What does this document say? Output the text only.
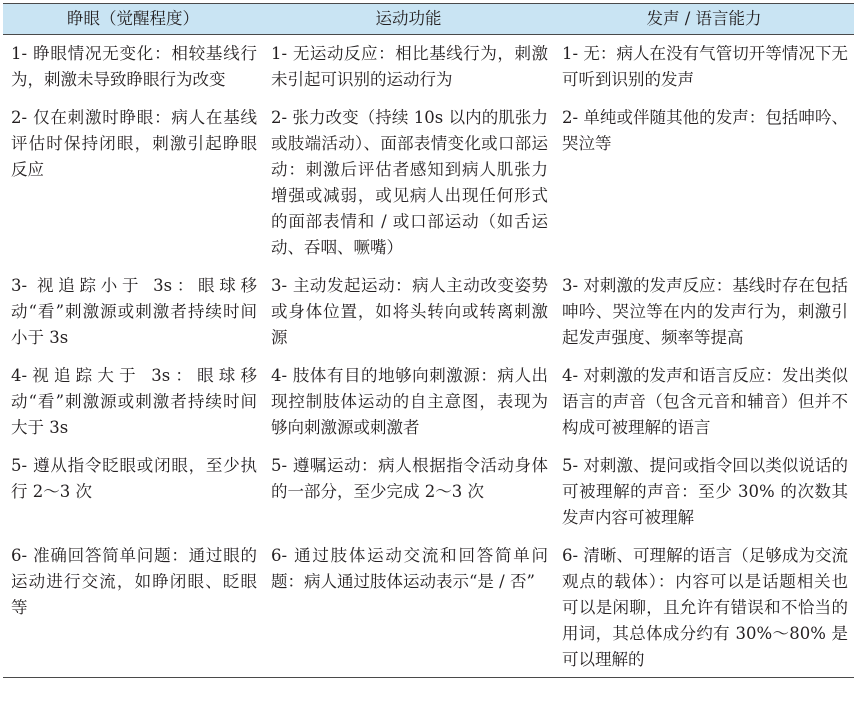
睁眼（觉醒程度）	运动功能	发声 / 语言能力
1- 睁眼情况无变化：相较基线行为，刺激未导致睁眼行为改变	1- 无运动反应：相比基线行为，刺激未引起可识别的运动行为	1- 无：病人在没有气管切开等情况下无可听到识别的发声
2- 仅在刺激时睁眼：病人在基线评估时保持闭眼，刺激引起睁眼反应	2- 张力改变（持续 10s 以内的肌张力或肢端活动）、面部表情变化或口部运动：刺激后评估者感知到病人肌张力增强或减弱，或见病人出现任何形式的面部表情和 / 或口部运动（如舌运动、吞咽、噘嘴）	2- 单纯或伴随其他的发声：包括呻吟、哭泣等
3- 视追踪小于 3s：眼球移动“看”刺激源或刺激者持续时间小于 3s	3- 主动发起运动：病人主动改变姿势或身体位置，如将头转向或转离刺激源	3- 对刺激的发声反应：基线时存在包括呻吟、哭泣等在内的发声行为，刺激引起发声强度、频率等提高
4-视追踪大于 3s：眼球移动“看”刺激源或刺激者持续时间大于 3s	4- 肢体有目的地够向刺激源：病人出现控制肢体运动的自主意图，表现为够向刺激源或刺激者	4- 对刺激的发声和语言反应：发出类似语言的声音（包含元音和辅音）但并不构成可被理解的语言
5- 遵从指令眨眼或闭眼，至少执行 2～3 次	5- 遵嘱运动：病人根据指令活动身体的一部分，至少完成 2～3 次	5- 对刺激、提问或指令回以类似说话的可被理解的声音：至少 30% 的次数其发声内容可被理解
6- 准确回答简单问题：通过眼的运动进行交流，如睁闭眼、眨眼等	6- 通过肢体运动交流和回答简单问题：病人通过肢体运动表示“是 / 否”	6- 清晰、可理解的语言（足够成为交流观点的载体）：内容可以是话题相关也可以是闲聊，且允许有错误和不恰当的用词，其总体成分约有 30%～80% 是可以理解的
